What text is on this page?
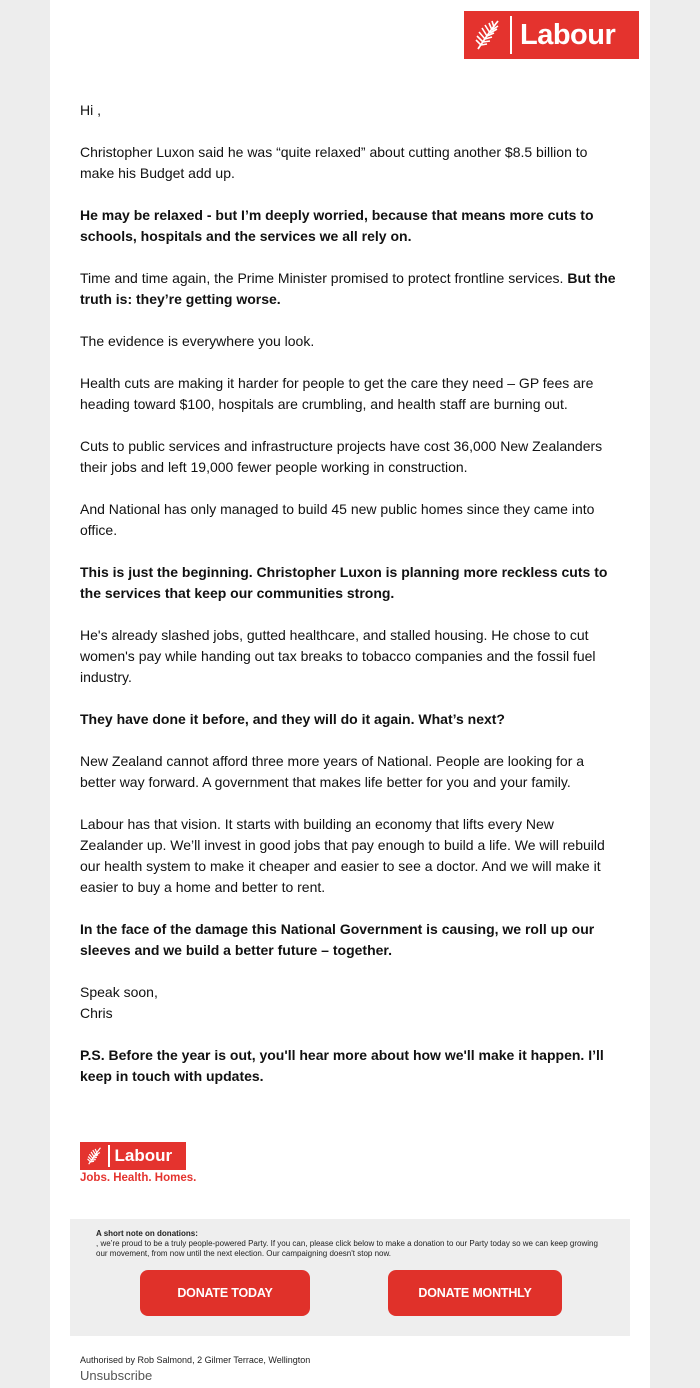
Labour

Hi ,

Christopher Luxon said he was “quite relaxed” about cutting another $8.5 billion to make his Budget add up.

He may be relaxed - but I’m deeply worried, because that means more cuts to schools, hospitals and the services we all rely on.

Time and time again, the Prime Minister promised to protect frontline services. But the truth is: they’re getting worse.

The evidence is everywhere you look.

Health cuts are making it harder for people to get the care they need – GP fees are heading toward $100, hospitals are crumbling, and health staff are burning out.

Cuts to public services and infrastructure projects have cost 36,000 New Zealanders their jobs and left 19,000 fewer people working in construction.

And National has only managed to build 45 new public homes since they came into office.

This is just the beginning. Christopher Luxon is planning more reckless cuts to the services that keep our communities strong.

He's already slashed jobs, gutted healthcare, and stalled housing. He chose to cut women's pay while handing out tax breaks to tobacco companies and the fossil fuel industry.

They have done it before, and they will do it again. What’s next?

New Zealand cannot afford three more years of National. People are looking for a better way forward. A government that makes life better for you and your family.

Labour has that vision. It starts with building an economy that lifts every New Zealander up. We’ll invest in good jobs that pay enough to build a life. We will rebuild our health system to make it cheaper and easier to see a doctor. And we will make it easier to buy a home and better to rent.

In the face of the damage this National Government is causing, we roll up our sleeves and we build a better future – together.

Speak soon,
Chris

P.S. Before the year is out, you'll hear more about how we'll make it happen. I’ll keep in touch with updates.

Labour
Jobs. Health. Homes.
A short note on donations:
, we’re proud to be a truly people-powered Party. If you can, please click below to make a donation to our Party today so we can keep growing our movement, from now until the next election. Our campaigning doesn't stop now.
DONATE TODAY	DONATE MONTHLY
Authorised by Rob Salmond, 2 Gilmer Terrace, Wellington
Unsubscribe
